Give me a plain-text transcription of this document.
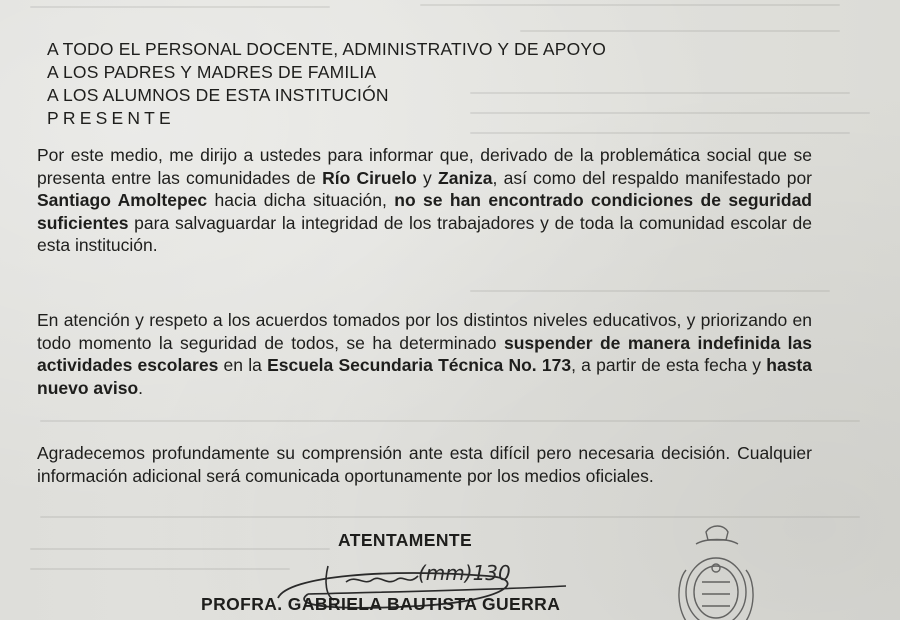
A TODO EL PERSONAL DOCENTE, ADMINISTRATIVO Y DE APOYO
A LOS PADRES Y MADRES DE FAMILIA
A LOS ALUMNOS DE ESTA INSTITUCIÓN
PRESENTE
Por este medio, me dirijo a ustedes para informar que, derivado de la problemática social que se presenta entre las comunidades de Río Ciruelo y Zaniza, así como del respaldo manifestado por Santiago Amoltepec hacia dicha situación, no se han encontrado condiciones de seguridad suficientes para salvaguardar la integridad de los trabajadores y de toda la comunidad escolar de esta institución.
En atención y respeto a los acuerdos tomados por los distintos niveles educativos, y priorizando en todo momento la seguridad de todos, se ha determinado suspender de manera indefinida las actividades escolares en la Escuela Secundaria Técnica No. 173, a partir de esta fecha y hasta nuevo aviso.
Agradecemos profundamente su comprensión ante esta difícil pero necesaria decisión. Cualquier información adicional será comunicada oportunamente por los medios oficiales.
ATENTAMENTE
(mm)130
PROFRA. GABRIELA BAUTISTA GUERRA
